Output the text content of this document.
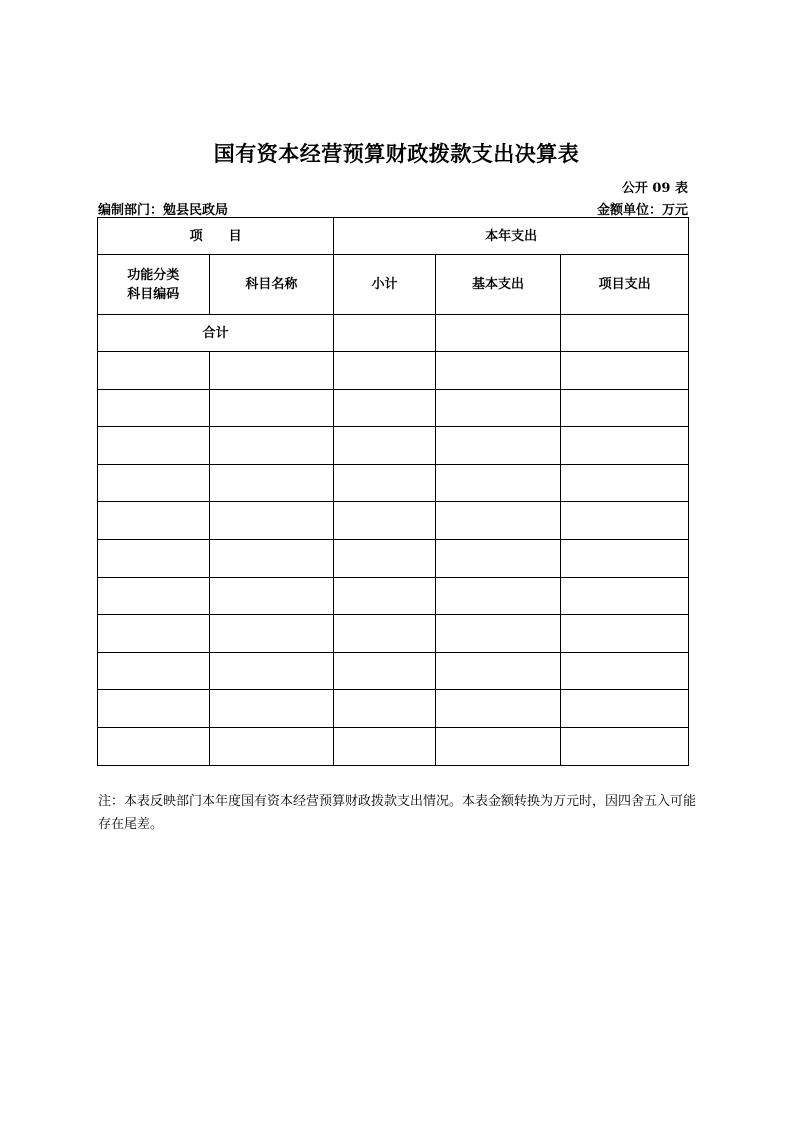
国有资本经营预算财政拨款支出决算表
公开 09 表
编制部门：勉县民政局	金额单位：万元
项　　目		本年支出		

功能分类
科目编码	科目名称	小计	基本支出	项目支出
合计				

注：本表反映部门本年度国有资本经营预算财政拨款支出情况。本表金额转换为万元时，因四舍五入可能存在尾差。
